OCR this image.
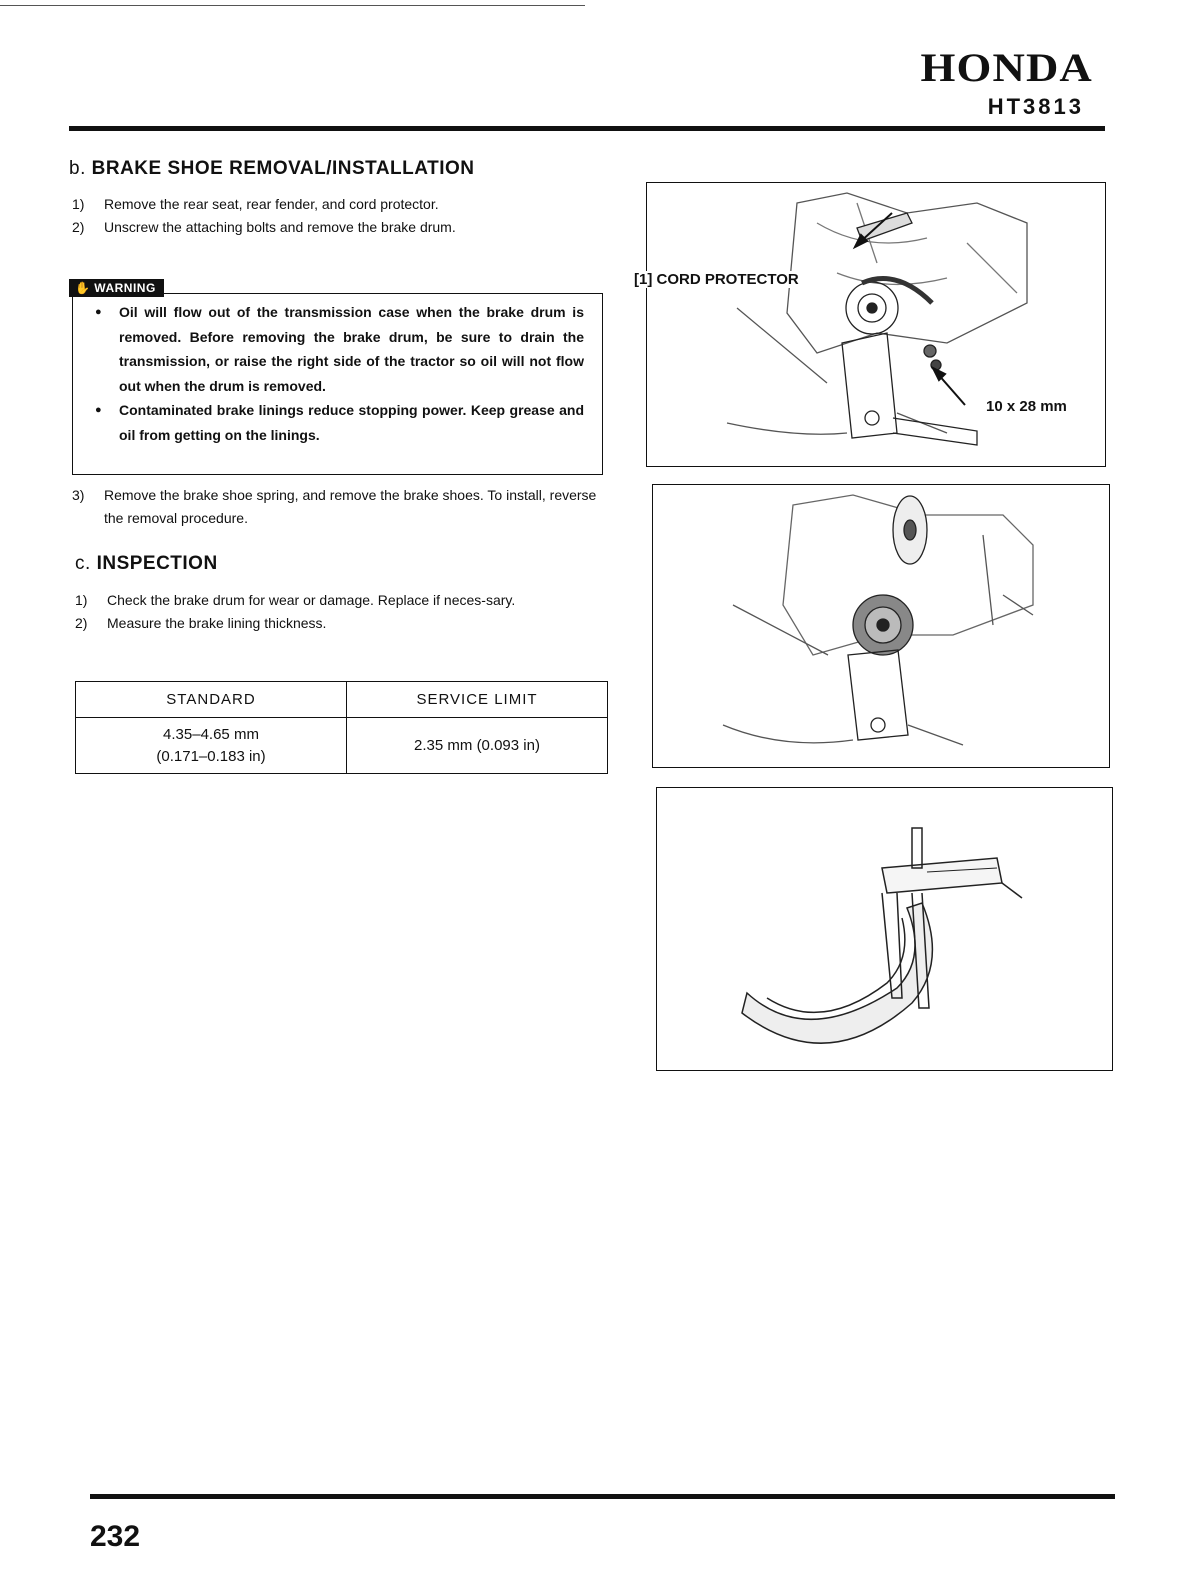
HONDA
HT3813
b. BRAKE SHOE REMOVAL/INSTALLATION
1)	Remove the rear seat, rear fender, and cord protector.
2)	Unscrew the attaching bolts and remove the brake drum.
● Oil will flow out of the transmission case when the brake drum is removed. Before removing the brake drum, be sure to drain the transmission, or raise the right side of the tractor so oil will not flow out when the drum is removed.
● Contaminated brake linings reduce stopping power. Keep grease and oil from getting on the linings.
✋ WARNING
3)	Remove the brake shoe spring, and remove the brake shoes. To install, reverse the removal procedure.
c. INSPECTION
1)	Check the brake drum for wear or damage. Replace if neces-sary.
2)	Measure the brake lining thickness.
STANDARD	SERVICE LIMIT

4.35–4.65 mm
(0.171–0.183 in)	2.35 mm (0.093 in)
[1] CORD PROTECTOR
10 x 28 mm
232
